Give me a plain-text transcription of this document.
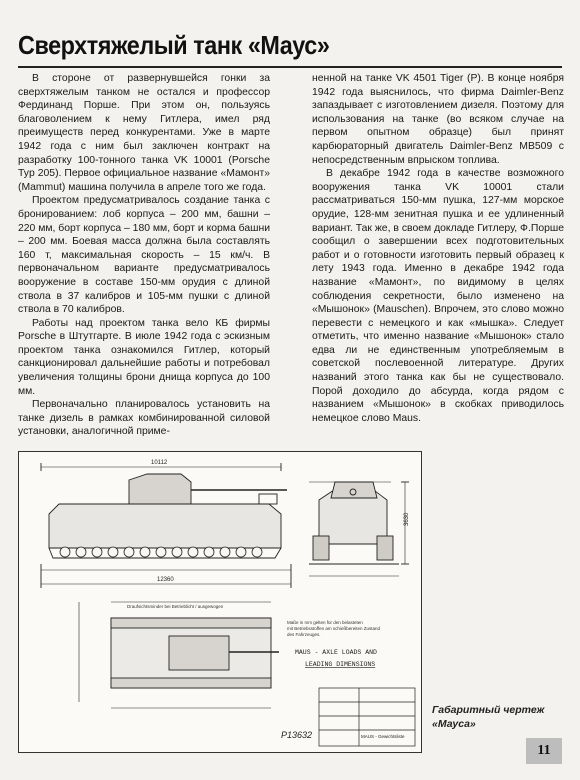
Сверхтяжелый танк «Маус»

В стороне от развернувшейся гонки за сверхтяжелым танком не остался и профессор Фердинанд Порше. При этом он, пользуясь благоволением к нему Гитлера, имел ряд преимуществ перед конкурентами. Уже в марте 1942 года с ним был заключен контракт на разработку 100-тонного танка VK 10001 (Porsche Typ 205). Первое официальное название «Мамонт» (Mammut) машина получила в апреле того же года.

Проектом предусматривалось создание танка с бронированием: лоб корпуса – 200 мм, башни – 220 мм, борт корпуса – 180 мм, борт и корма башни – 200 мм. Боевая масса должна была составлять 160 т, максимальная скорость – 15 км/ч. В первоначальном варианте предусматривалось вооружение в составе 150-мм орудия с длиной ствола в 37 калибров и 105-мм пушки с длиной ствола в 70 калибров.

Работы над проектом танка вело КБ фирмы Porsche в Штутгарте. В июле 1942 года с эскизным проектом танка ознакомился Гитлер, который санкционировал дальнейшие работы и потребовал увеличения толщины брони днища корпуса до 100 мм.

Первоначально планировалось установить на танке дизель в рамках комбинированной силовой установки, аналогичной приме-

ненной на танке VK 4501 Tiger (P). В конце ноября 1942 года выяснилось, что фирма Daimler-Benz запаздывает с изготовлением дизеля. Поэтому для использования на танке (во всяком случае на первом опытном образце) был принят карбюраторный двигатель Daimler-Benz MB509 с непосредственным впрыском топлива.

В декабре 1942 года в качестве возможного вооружения танка VK 10001 стали рассматриваться 150-мм пушка, 127-мм морское орудие, 128-мм зенитная пушка и ее удлиненный вариант. Так же, в своем докладе Гитлеру, Ф.Порше сообщил о завершении всех подготовительных работ и о готовности изготовить первый образец к лету 1943 года. Именно в декабре 1942 года название «Мамонт», по видимому в целях соблюдения секретности, было изменено на «Мышонок» (Mauschen). Впрочем, это слово можно перевести с немецкого и как «мышка». Следует отметить, что именно название «Мышонок» стало едва ли не единственным употребляемым в советской послевоенной литературе. Других названий этого танка как бы не существовало. Порой доходило до абсурда, когда рядом с названием «Мышонок» в скобках приводилось немецкое слово Maus.

10112
12360
3630
Draufsichtsminder bei Betrieblicht / ausgewogen
Maße in mm gelten für den belasteten
mit Betriebsstoffen am schießbereiten Zustand
des Fahrzeuges.
MAUS - AXLE LOADS AND
LEADING DIMENSIONS
MAUS - Gewichtsliste
P13632
Габаритный чертеж «Мауса»
11
